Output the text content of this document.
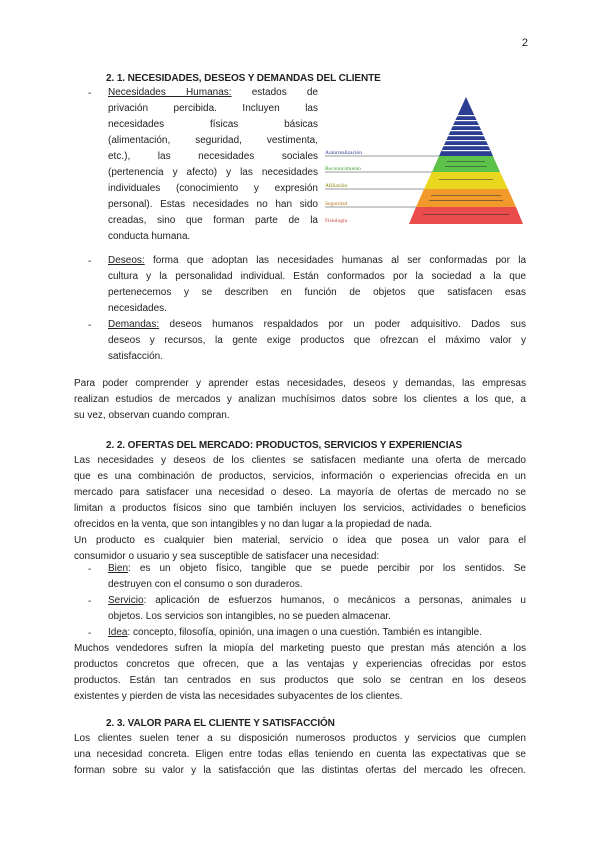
2
2. 1. NECESIDADES, DESEOS Y DEMANDAS DEL CLIENTE
- Necesidades Humanas: estados de
privación percibida. Incluyen las
necesidades físicas básicas
(alimentación, seguridad, vestimenta,
etc.), las necesidades sociales
(pertenencia y afecto) y las necesidades
individuales (conocimiento y expresión
personal). Estas necesidades no han sido
creadas, sino que forman parte de la
conducta humana.
Autorrealización
Reconocimiento
Afiliación
Seguridad
Fisiología
- Deseos: forma que adoptan las necesidades humanas al ser conformadas por la
cultura y la personalidad individual. Están conformados por la sociedad a la que
pertenecemos y se describen en función de objetos que satisfacen esas
necesidades.
- Demandas: deseos humanos respaldados por un poder adquisitivo. Dados sus
deseos y recursos, la gente exige productos que ofrezcan el máximo valor y
satisfacción.
Para poder comprender y aprender estas necesidades, deseos y demandas, las empresas
realizan estudios de mercados y analizan muchísimos datos sobre los clientes a los que, a
su vez, observan cuando compran.
2. 2. OFERTAS DEL MERCADO: PRODUCTOS, SERVICIOS Y EXPERIENCIAS
Las necesidades y deseos de los clientes se satisfacen mediante una oferta de mercado
que es una combinación de productos, servicios, información o experiencias ofrecida en un
mercado para satisfacer una necesidad o deseo. La mayoría de ofertas de mercado no se
limitan a productos físicos sino que también incluyen los servicios, actividades o beneficios
ofrecidos en la venta, que son intangibles y no dan lugar a la propiedad de nada.
Un producto es cualquier bien material, servicio o idea que posea un valor para el
consumidor o usuario y sea susceptible de satisfacer una necesidad:
- Bien: es un objeto físico, tangible que se puede percibir por los sentidos. Se
destruyen con el consumo o son duraderos.
- Servicio: aplicación de esfuerzos humanos, o mecánicos a personas, animales u
objetos. Los servicios son intangibles, no se pueden almacenar.
- Idea: concepto, filosofía, opinión, una imagen o una cuestión. También es intangible.
Muchos vendedores sufren la miopía del marketing puesto que prestan más atención a los
productos concretos que ofrecen, que a las ventajas y experiencias ofrecidas por estos
productos. Están tan centrados en sus productos que solo se centran en los deseos
existentes y pierden de vista las necesidades subyacentes de los clientes.
2. 3. VALOR PARA EL CLIENTE Y SATISFACCIÓN
Los clientes suelen tener a su disposición numerosos productos y servicios que cumplen
una necesidad concreta. Eligen entre todas ellas teniendo en cuenta las expectativas que se
forman sobre su valor y la satisfacción que las distintas ofertas del mercado les ofrecen.
